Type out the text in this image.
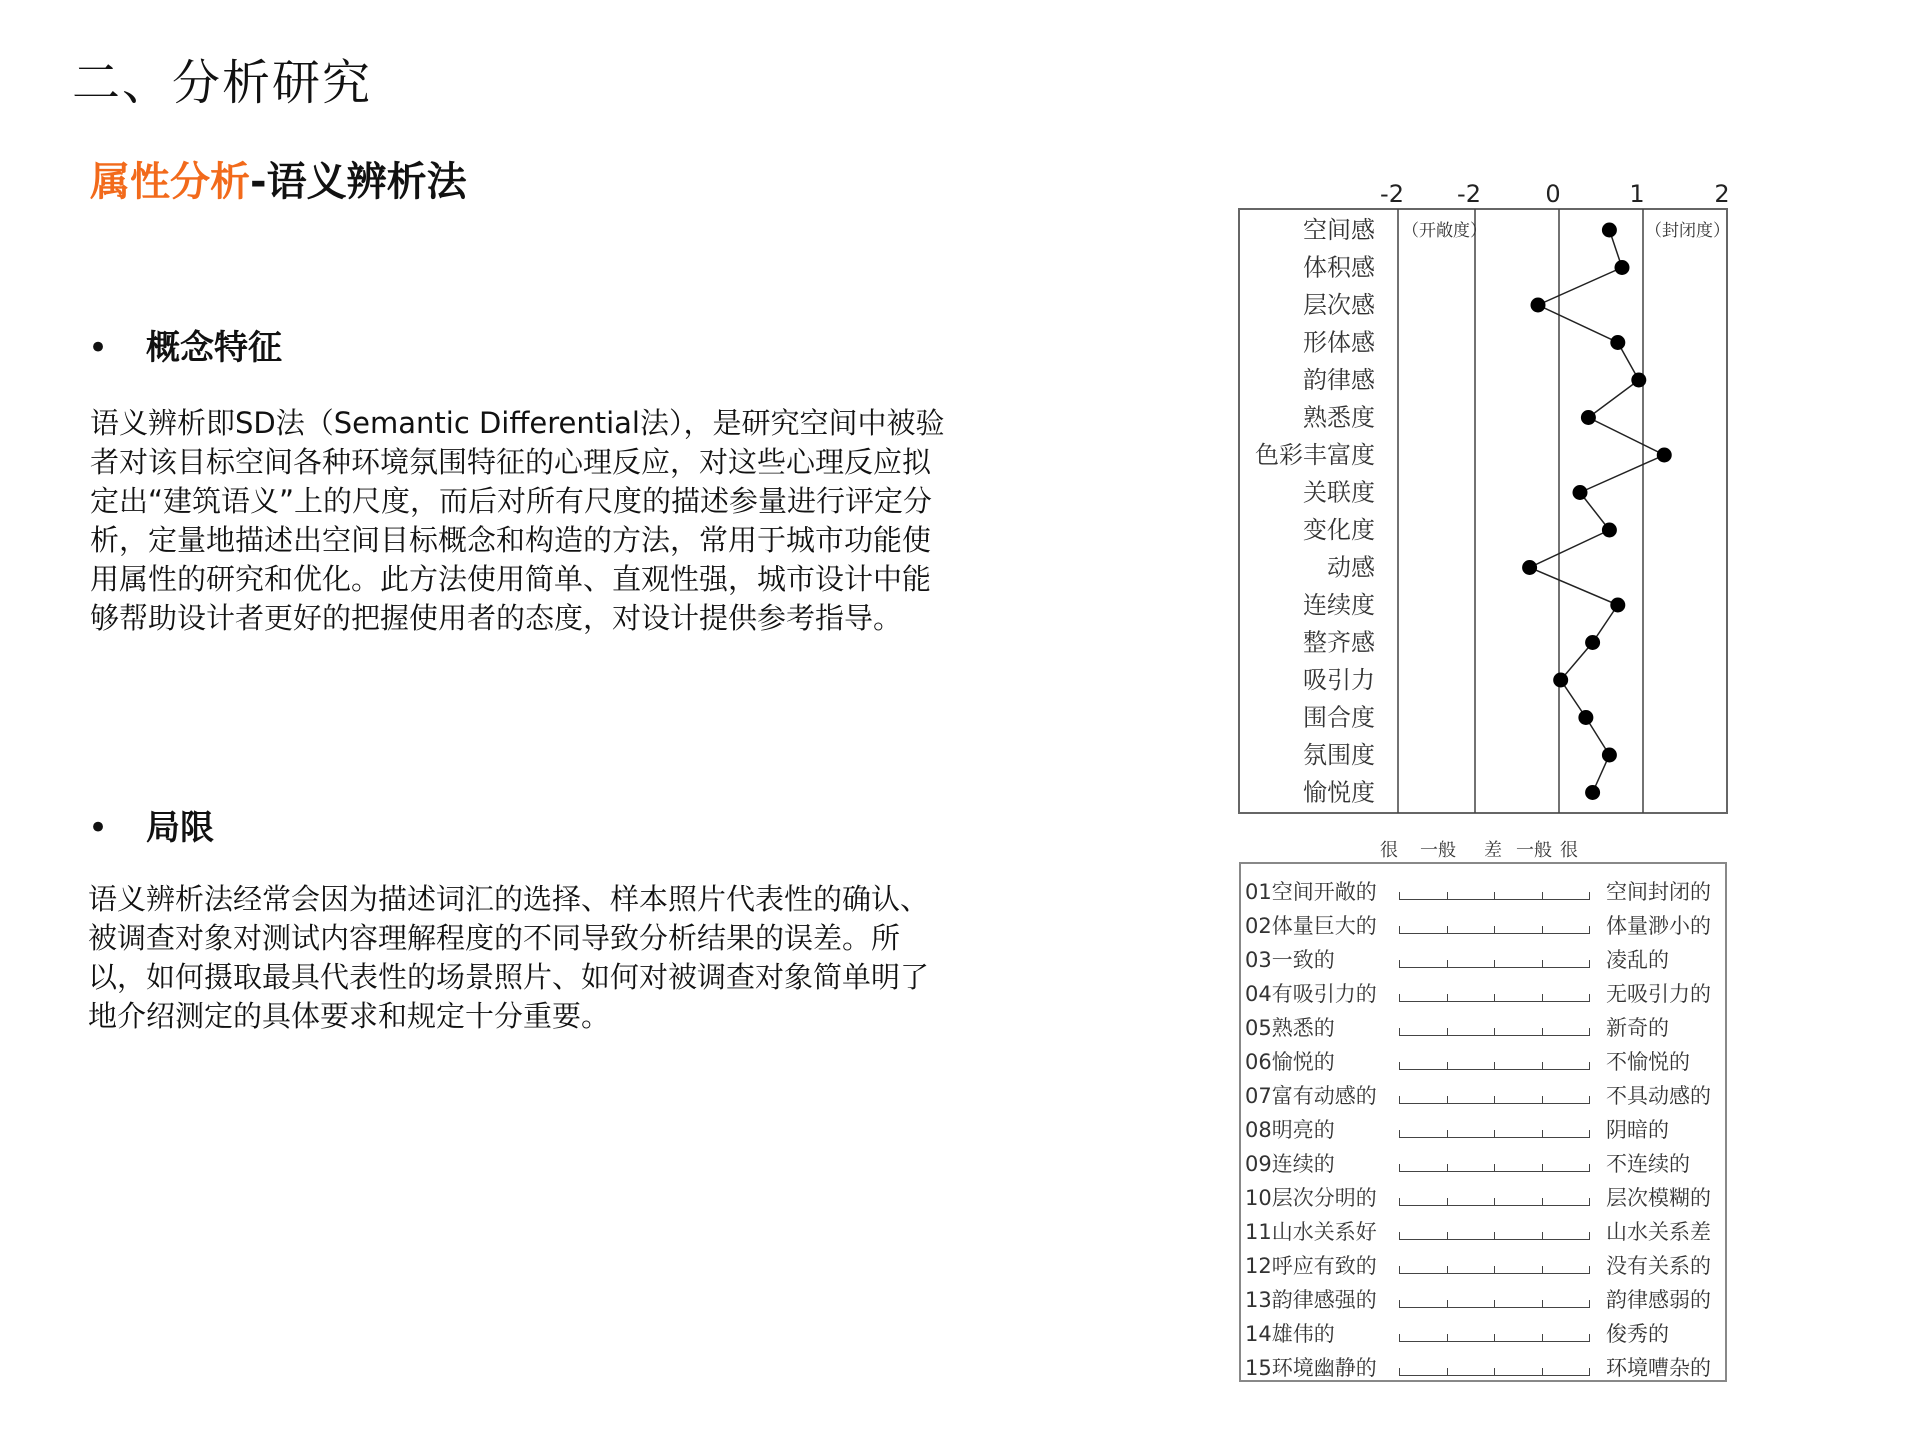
二、分析研究
属性分析-语义辨析法
• 概念特征
语义辨析即SD法（Semantic Differential法），是研究空间中被验者对该目标空间各种环境氛围特征的心理反应，对这些心理反应拟定出“建筑语义”上的尺度，而后对所有尺度的描述参量进行评定分析，定量地描述出空间目标概念和构造的方法，常用于城市功能使用属性的研究和优化。此方法使用简单、直观性强，城市设计中能够帮助设计者更好的把握使用者的态度，对设计提供参考指导。
• 局限
语义辨析法经常会因为描述词汇的选择、样本照片代表性的确认、被调查对象对测试内容理解程度的不同导致分析结果的误差。所以，如何摄取最具代表性的场景照片、如何对被调查对象简单明了地介绍测定的具体要求和规定十分重要。
-2 -2	0	1	2
（开敞度）	（封闭度）
空间感
体积感
层次感
形体感
韵律感
熟悉度
色彩丰富度
关联度
变化度
动感
连续度
整齐感
吸引力
围合度
氛围度
愉悦度
很 一般 差 一般 很
01空间开敞的	空间封闭的
02体量巨大的	体量渺小的
03一致的	凌乱的
04有吸引力的	无吸引力的
05熟悉的	新奇的
06愉悦的	不愉悦的
07富有动感的	不具动感的
08明亮的	阴暗的
09连续的	不连续的
10层次分明的	层次模糊的
11山水关系好	山水关系差
12呼应有致的	没有关系的
13韵律感强的	韵律感弱的
14雄伟的	俊秀的
15环境幽静的	环境嘈杂的
